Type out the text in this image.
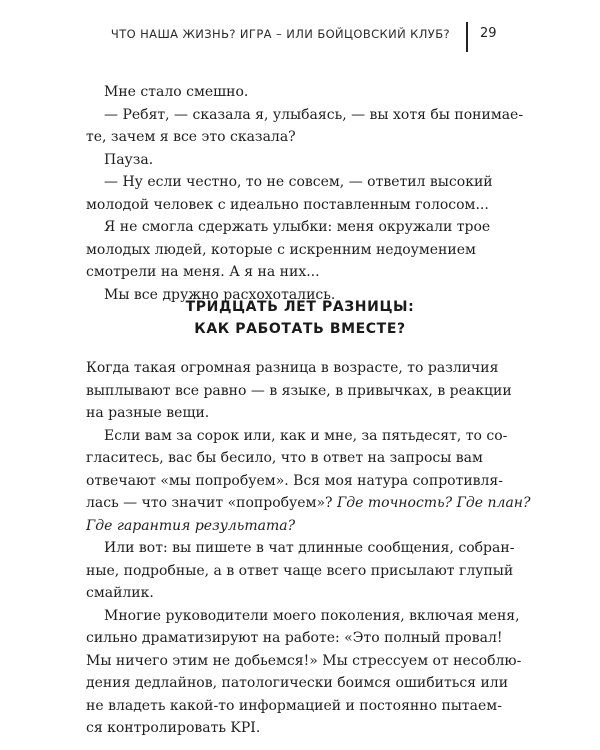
ЧТО НАША ЖИЗНЬ? ИГРА – ИЛИ БОЙЦОВСКИЙ КЛУБ? 29
Мне стало смешно.
— Ребят, — сказала я, улыбаясь, — вы хотя бы понимае-
те, зачем я все это сказала?
Пауза.
— Ну если честно, то не совсем, — ответил высокий
молодой человек с идеально поставленным голосом...
Я не смогла сдержать улыбки: меня окружали трое
молодых людей, которые с искренним недоумением
смотрели на меня. А я на них...
Мы все дружно расхохотались.
ТРИДЦАТЬ ЛЕТ РАЗНИЦЫ:
КАК РАБОТАТЬ ВМЕСТЕ?
Когда такая огромная разница в возрасте, то различия
выплывают все равно — в языке, в привычках, в реакции
на разные вещи.
Если вам за сорок или, как и мне, за пятьдесят, то со-
гласитесь, вас бы бесило, что в ответ на запросы вам
отвечают «мы попробуем». Вся моя натура сопротивля-
лась — что значит «попробуем»? Где точность? Где план?
Где гарантия результата?
Или вот: вы пишете в чат длинные сообщения, собран-
ные, подробные, а в ответ чаще всего присылают глупый
смайлик.
Многие руководители моего поколения, включая меня,
сильно драматизируют на работе: «Это полный провал!
Мы ничего этим не добьемся!» Мы стрессуем от несоблю-
дения дедлайнов, патологически боимся ошибиться или
не владеть какой-то информацией и постоянно пытаем-
ся контролировать KPI.
